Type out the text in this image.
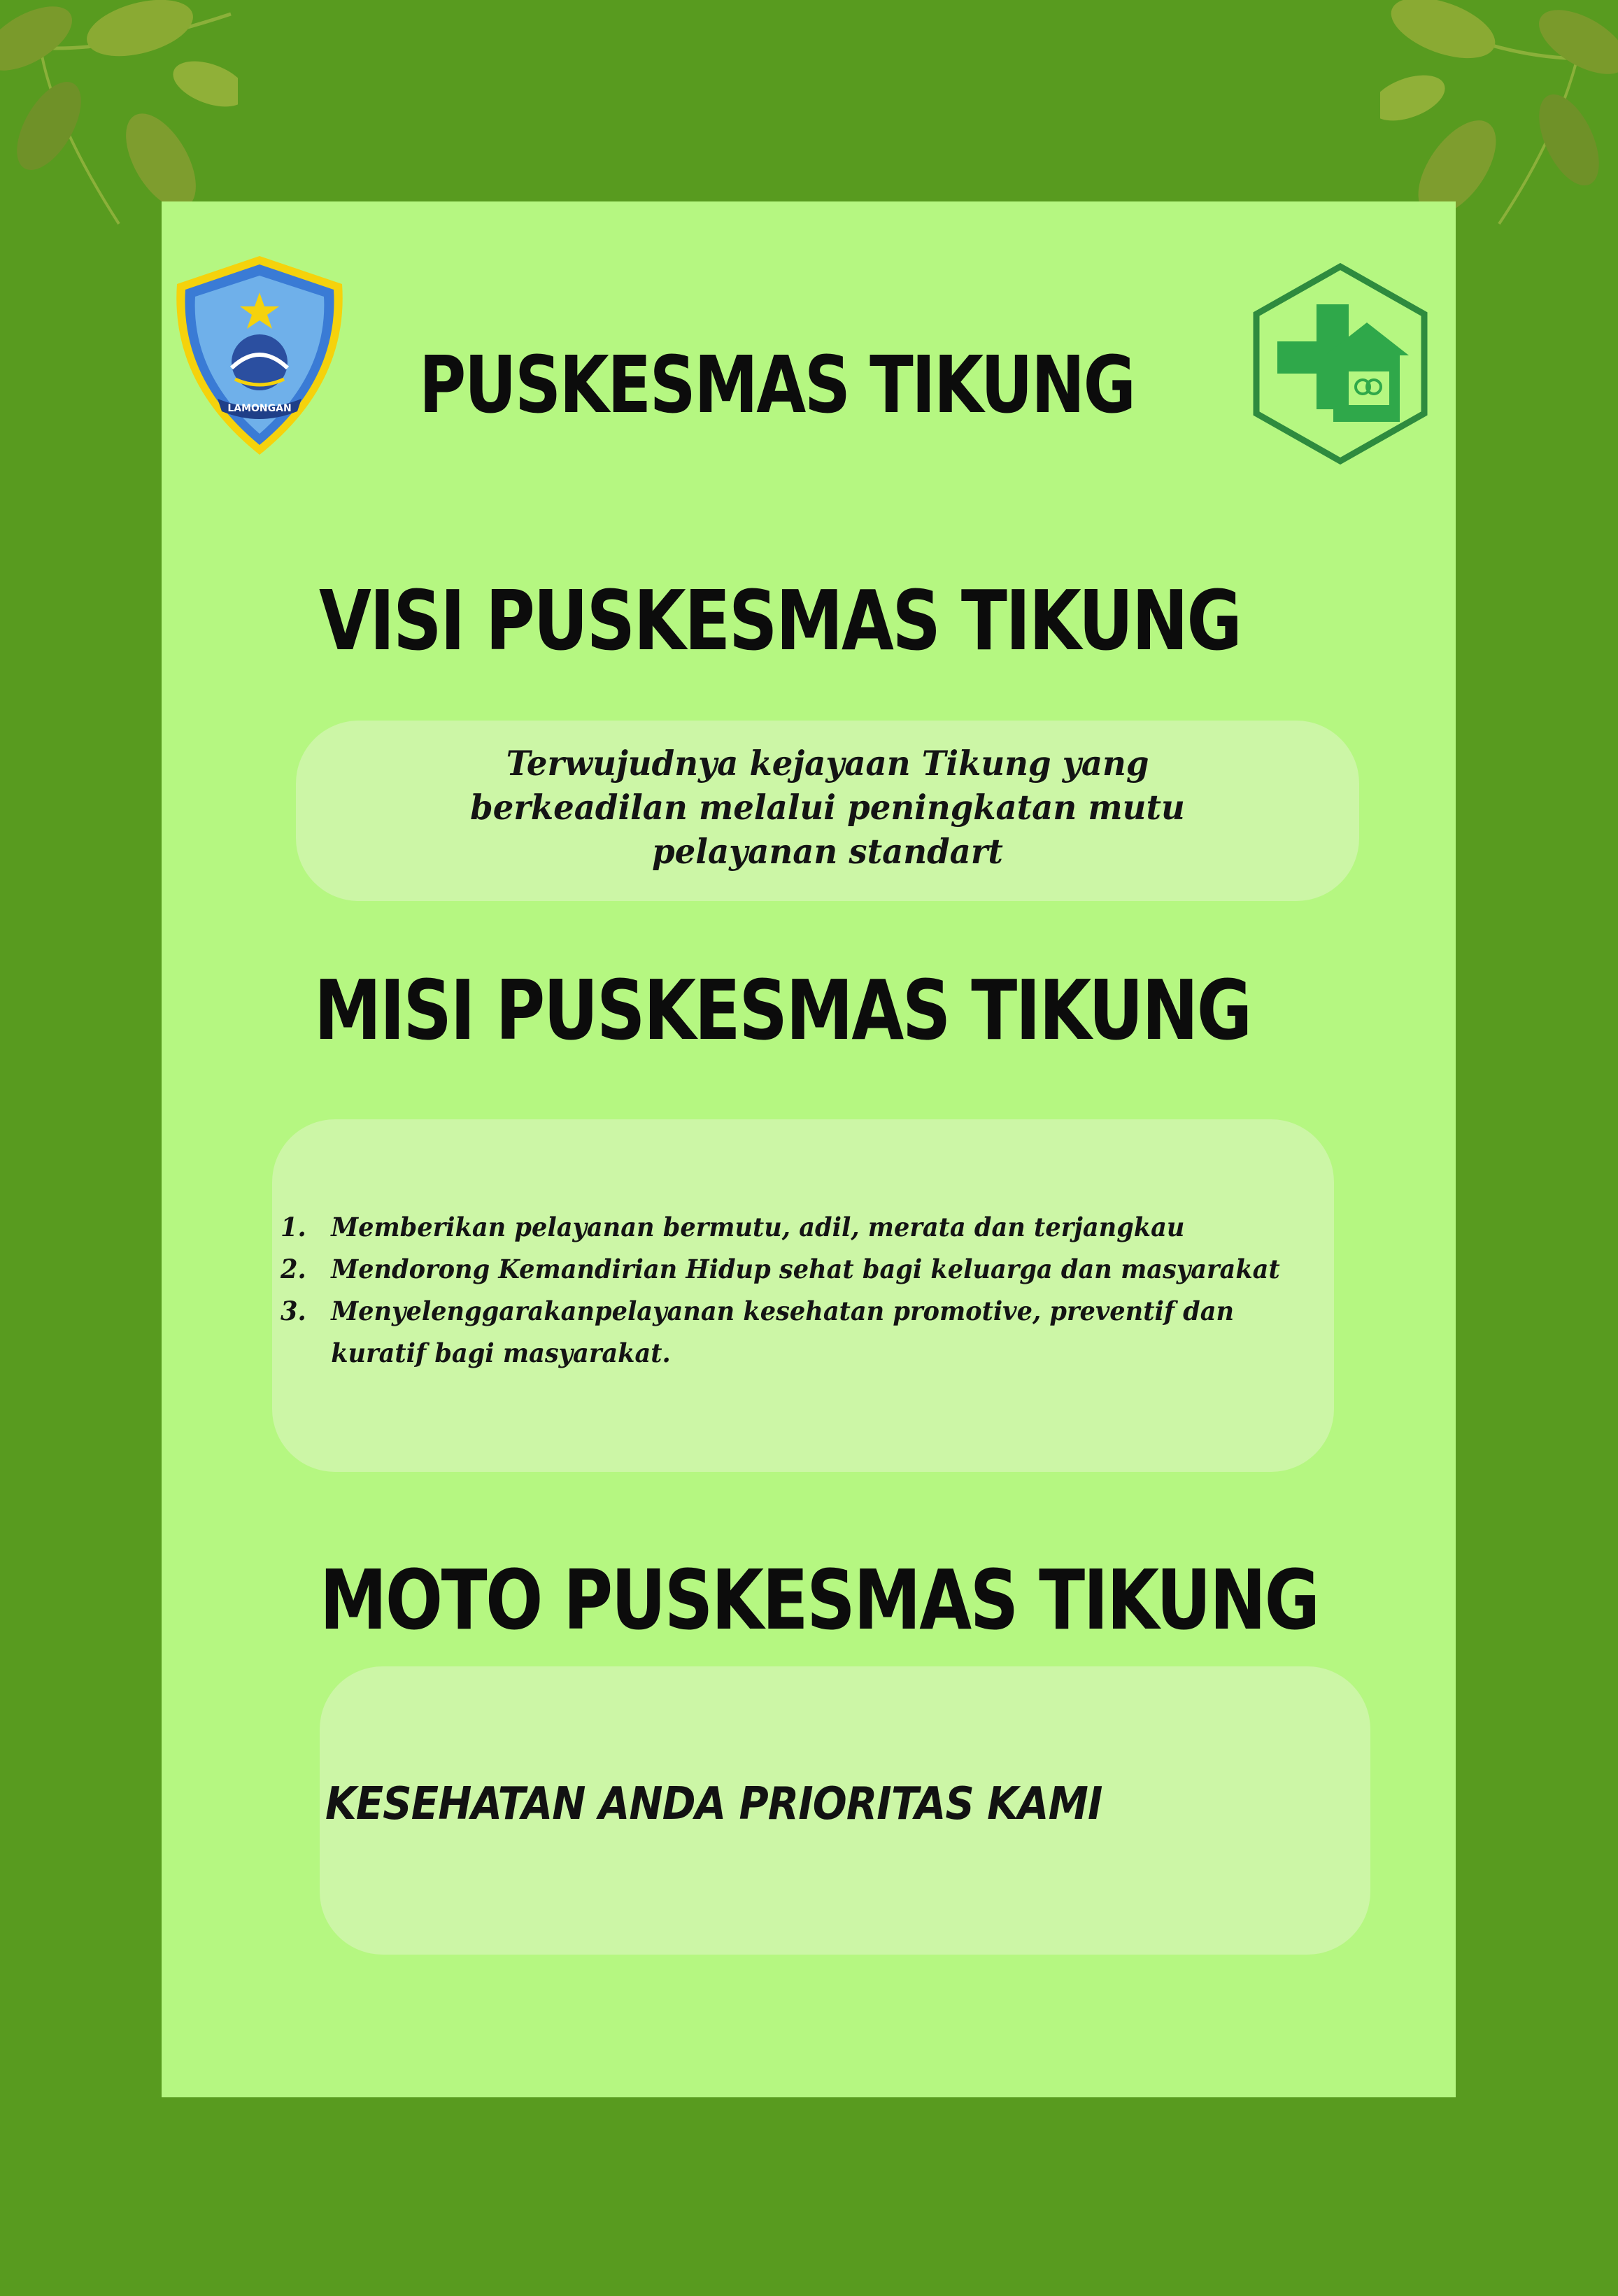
LAMONGAN PUSKESMAS TIKUNG
VISI PUSKESMAS TIKUNG

Terwujudnya kejayaan Tikung yang
berkeadilan melalui peningkatan mutu
pelayanan standart

MISI PUSKESMAS TIKUNG
1. Memberikan pelayanan bermutu, adil, merata dan terjangkau
2. Mendorong Kemandirian Hidup sehat bagi keluarga dan masyarakat
3. Menyelenggarakanpelayanan kesehatan promotive, preventif dan kuratif bagi masyarakat.
MOTO PUSKESMAS TIKUNG

KESEHATAN ANDA PRIORITAS KAMI
